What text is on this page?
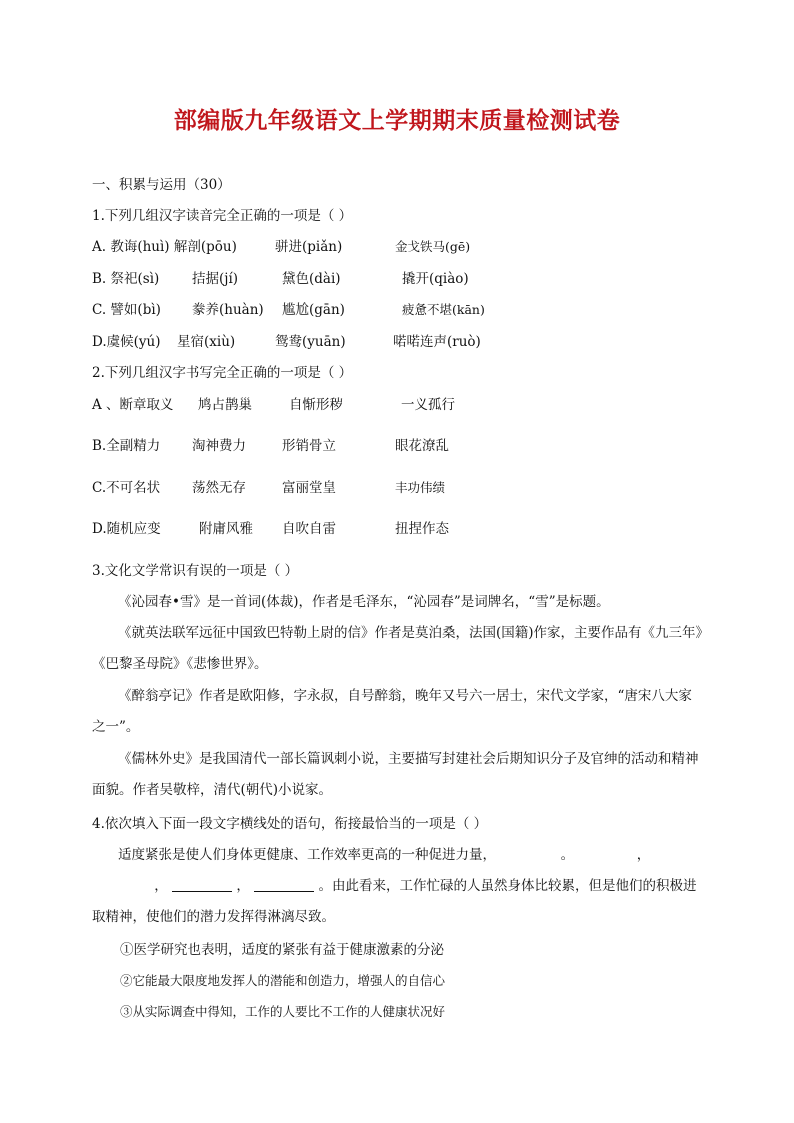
部编版九年级语文上学期期末质量检测试卷
一、积累与运用（30）
1.下列几组汉字读音完全正确的一项是（ ）
A. 教诲(huì) 解剖(pōu)	骈进(piǎn)	金戈铁马(gē)
B. 祭祀(sì) 拮据(jí)	黛色(dài)	撬开(qiào)
C. 譬如(bì) 豢养(huàn) 尴尬(gān)	疲惫不堪(kān)
D.虞候(yú) 星宿(xiù)	鸳鸯(yuān)	喏喏连声(ruò)
2.下列几组汉字书写完全正确的一项是（ ）
A 、断章取义 鸠占鹊巢	自惭形秽	一义孤行
B.全副精力 淘神费力	形销骨立	眼花潦乱
C.不可名状 荡然无存	富丽堂皇	丰功伟绩
D.随机应变	附庸风雅 自吹自雷	扭捏作态
3.文化文学常识有误的一项是（ ）
《沁园春•雪》是一首词(体裁)，作者是毛泽东，“沁园春”是词牌名，“雪”是标题。
《就英法联军远征中国致巴特勒上尉的信》作者是莫泊桑，法国(国籍)作家，主要作品有《九三年》《巴黎圣母院》《悲惨世界》。
《醉翁亭记》作者是欧阳修，字永叔，自号醉翁，晚年又号六一居士，宋代文学家，“唐宋八大家之一”。
《儒林外史》是我国清代一部长篇讽刺小说，主要描写封建社会后期知识分子及官绅的活动和精神面貌。作者吴敬梓，清代(朝代)小说家。
4.依次填入下面一段文字横线处的语句，衔接最恰当的一项是（ ）
适度紧张是使人们身体更健康、工作效率更高的一种促进力量，	。	，  ，	，	。由此看来，工作忙碌的人虽然身体比较累，但是他们的积极进取精神，使他们的潜力发挥得淋漓尽致。
①医学研究也表明，适度的紧张有益于健康激素的分泌
②它能最大限度地发挥人的潜能和创造力，增强人的自信心
③从实际调查中得知，工作的人要比不工作的人健康状况好
